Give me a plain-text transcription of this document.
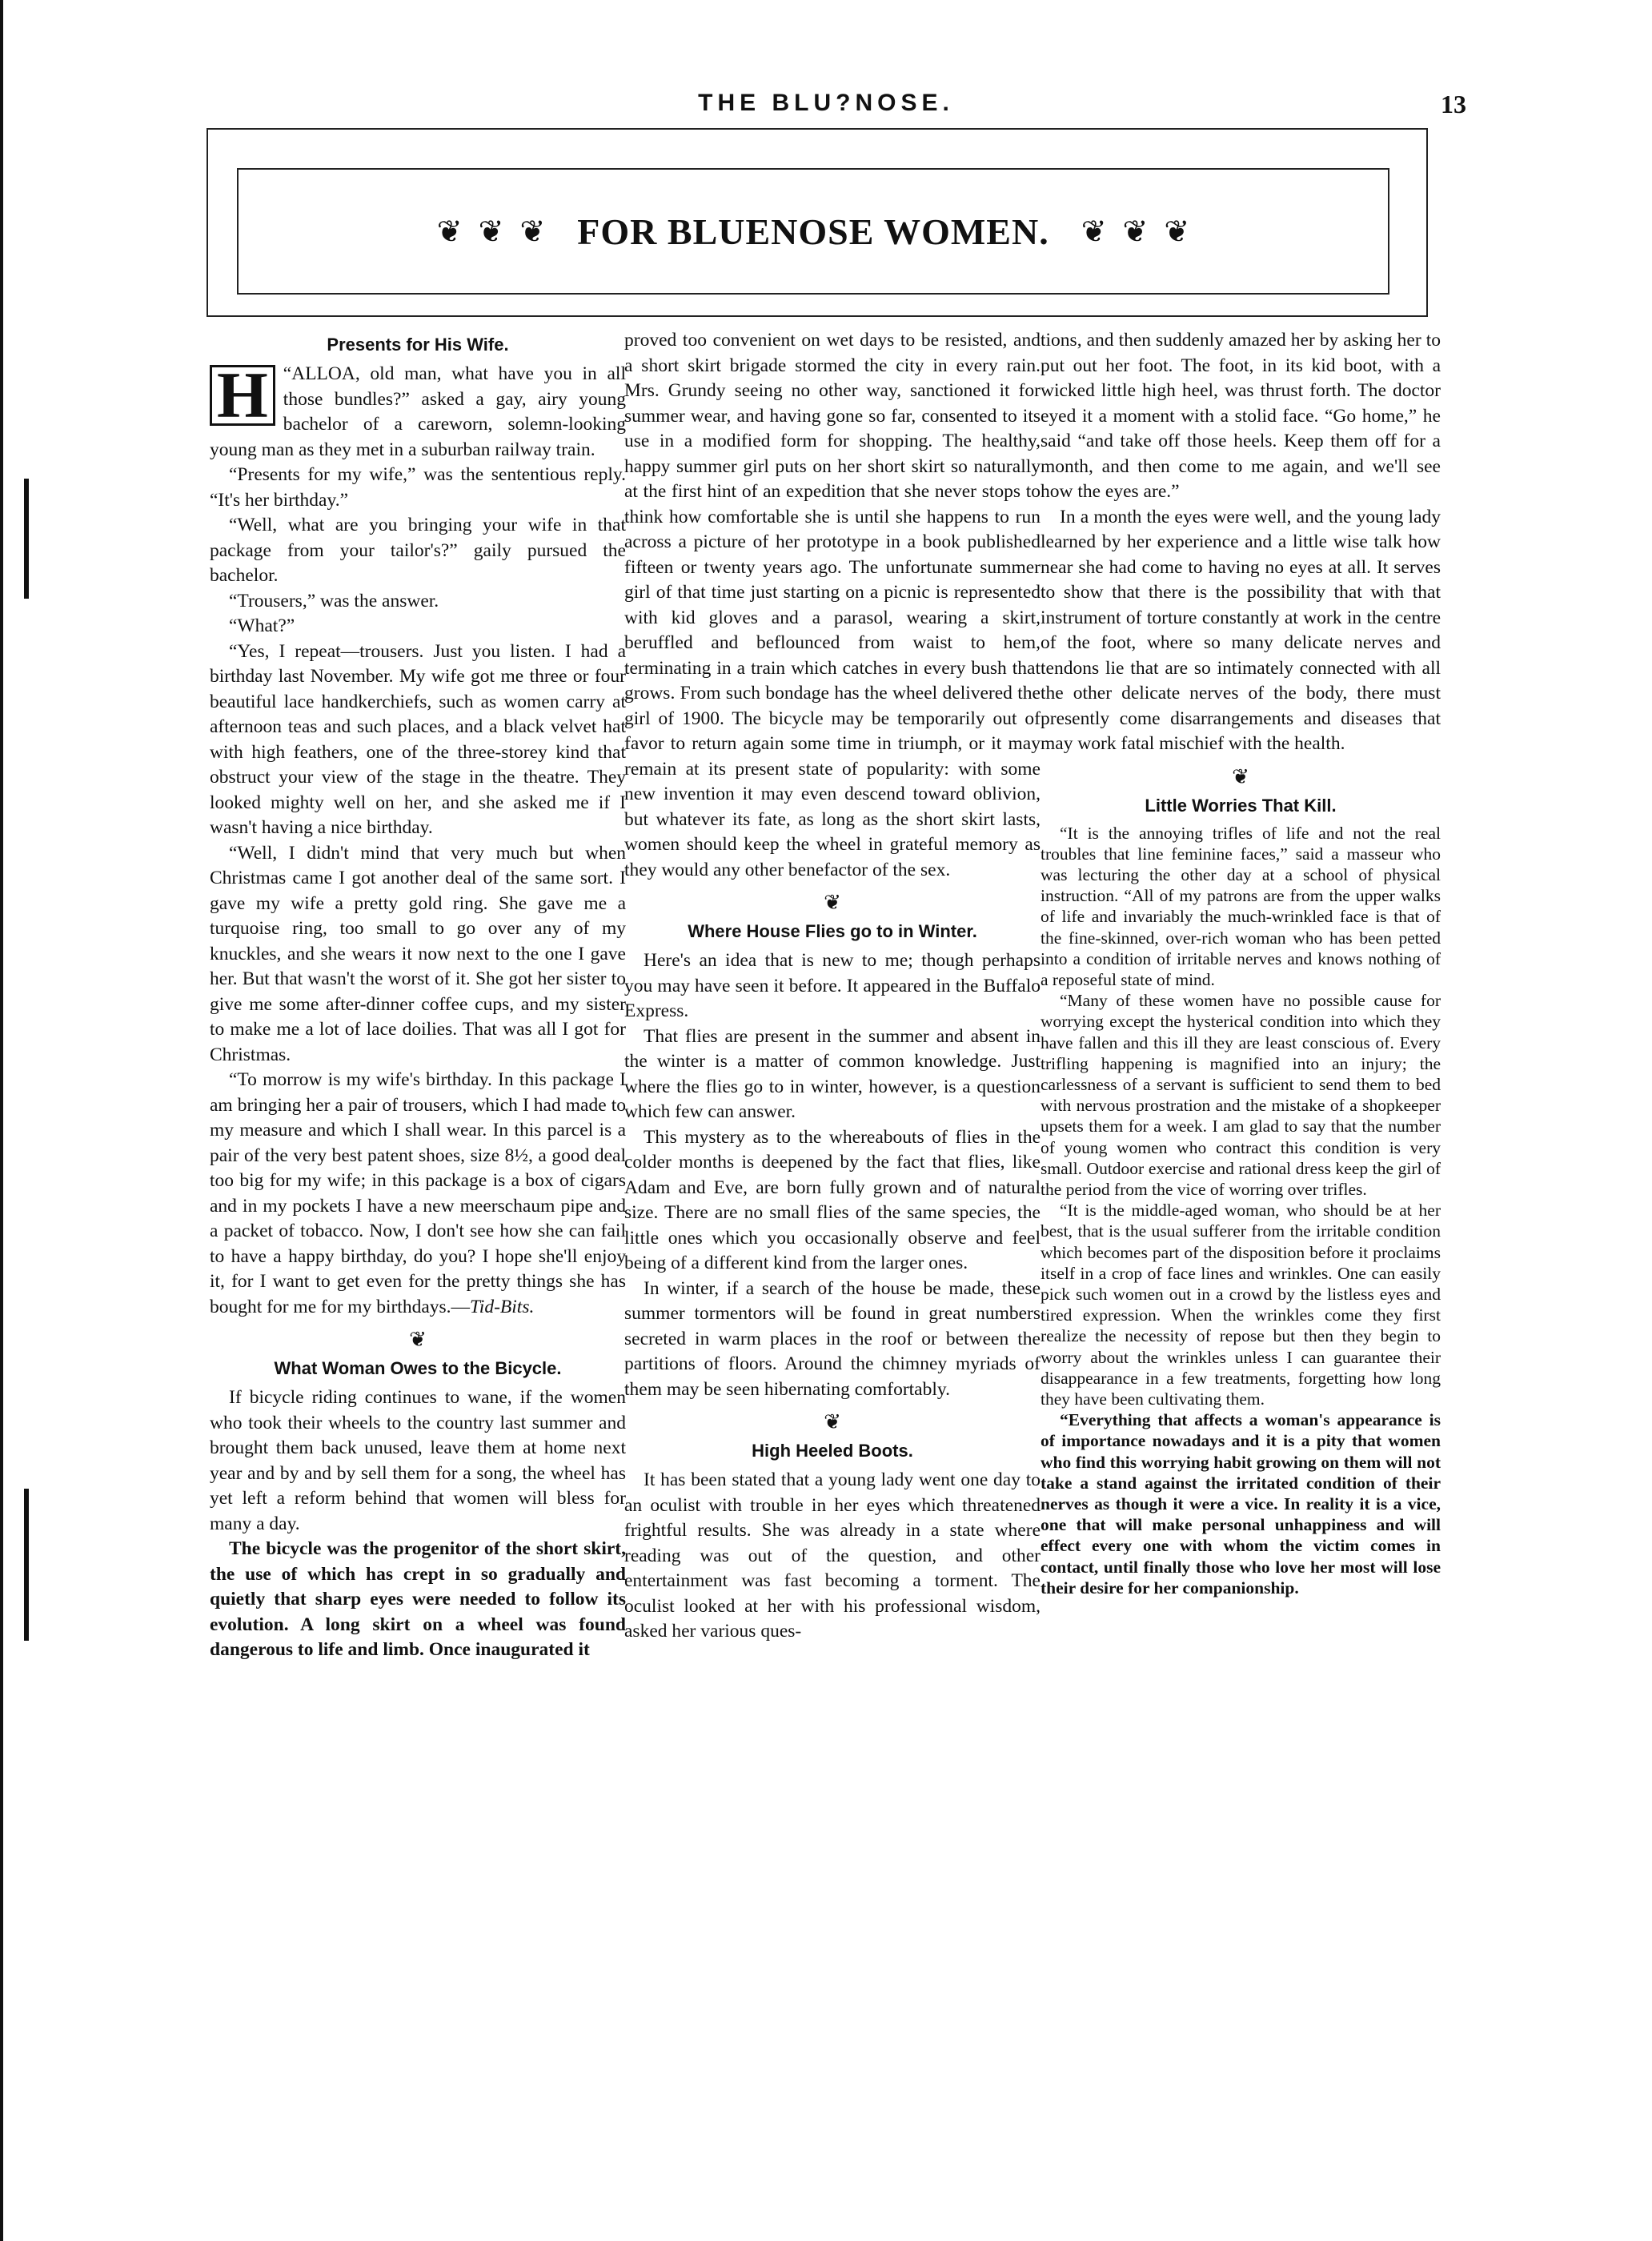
THE BLU?NOSE.	13
❦ ❦ ❦ FOR BLUENOSE WOMEN. ❦ ❦ ❦
Presents for His Wife.

H “ALLOA, old man, what have you in all those bundles?” asked a gay, airy young bachelor of a careworn, solemn-looking young man as they met in a suburban railway train.

“Presents for my wife,” was the sententious reply. “It's her birthday.”

“Well, what are you bringing your wife in that package from your tailor's?” gaily pursued the bachelor.

“Trousers,” was the answer.

“What?”

“Yes, I repeat—trousers. Just you listen. I had a birthday last November. My wife got me three or four beautiful lace handkerchiefs, such as women carry at afternoon teas and such places, and a black velvet hat with high feathers, one of the three-storey kind that obstruct your view of the stage in the theatre. They looked mighty well on her, and she asked me if I wasn't having a nice birthday.

“Well, I didn't mind that very much but when Christmas came I got another deal of the same sort. I gave my wife a pretty gold ring. She gave me a turquoise ring, too small to go over any of my knuckles, and she wears it now next to the one I gave her. But that wasn't the worst of it. She got her sister to give me some after-dinner coffee cups, and my sister to make me a lot of lace doilies. That was all I got for Christmas.

“To morrow is my wife's birthday. In this package I am bringing her a pair of trousers, which I had made to my measure and which I shall wear. In this parcel is a pair of the very best patent shoes, size 8½, a good deal too big for my wife; in this package is a box of cigars and in my pockets I have a new meerschaum pipe and a packet of tobacco. Now, I don't see how she can fail to have a happy birthday, do you? I hope she'll enjoy it, for I want to get even for the pretty things she has bought for me for my birthdays.—Tid-Bits.

❦
What Woman Owes to the Bicycle.

If bicycle riding continues to wane, if the women who took their wheels to the country last summer and brought them back unused, leave them at home next year and by and by sell them for a song, the wheel has yet left a reform behind that women will bless for many a day.

The bicycle was the progenitor of the short skirt, the use of which has crept in so gradually and quietly that sharp eyes were needed to follow its evolution. A long skirt on a wheel was found dangerous to life and limb. Once inaugurated it

proved too convenient on wet days to be resisted, and a short skirt brigade stormed the city in every rain. Mrs. Grundy seeing no other way, sanctioned it for summer wear, and having gone so far, consented to its use in a modified form for shopping. The healthy, happy summer girl puts on her short skirt so naturally at the first hint of an expedition that she never stops to think how comfortable she is until she happens to run across a picture of her prototype in a book published fifteen or twenty years ago. The unfortunate summer girl of that time just starting on a picnic is represented with kid gloves and a parasol, wearing a skirt, beruffled and beflounced from waist to hem, terminating in a train which catches in every bush that grows. From such bondage has the wheel delivered the girl of 1900. The bicycle may be temporarily out of favor to return again some time in triumph, or it may remain at its present state of popularity: with some new invention it may even descend toward oblivion, but whatever its fate, as long as the short skirt lasts, women should keep the wheel in grateful memory as they would any other benefactor of the sex.

❦
Where House Flies go to in Winter.

Here's an idea that is new to me; though perhaps you may have seen it before. It appeared in the Buffalo Express.

That flies are present in the summer and absent in the winter is a matter of common knowledge. Just where the flies go to in winter, however, is a question which few can answer.

This mystery as to the whereabouts of flies in the colder months is deepened by the fact that flies, like Adam and Eve, are born fully grown and of natural size. There are no small flies of the same species, the little ones which you occasionally observe and feel being of a different kind from the larger ones.

In winter, if a search of the house be made, these summer tormentors will be found in great numbers secreted in warm places in the roof or between the partitions of floors. Around the chimney myriads of them may be seen hibernating comfortably.

❦
High Heeled Boots.

It has been stated that a young lady went one day to an oculist with trouble in her eyes which threatened frightful results. She was already in a state where reading was out of the question, and other entertainment was fast becoming a torment. The oculist looked at her with his professional wisdom, asked her various ques-

tions, and then suddenly amazed her by asking her to put out her foot. The foot, in its kid boot, with a wicked little high heel, was thrust forth. The doctor eyed it a moment with a stolid face. “Go home,” he said “and take off those heels. Keep them off for a month, and then come to me again, and we'll see how the eyes are.”

In a month the eyes were well, and the young lady learned by her experience and a little wise talk how near she had come to having no eyes at all. It serves to show that there is the possibility that with that instrument of torture constantly at work in the centre of the foot, where so many delicate nerves and tendons lie that are so intimately connected with all the other delicate nerves of the body, there must presently come disarrangements and diseases that may work fatal mischief with the health.

❦
Little Worries That Kill.

“It is the annoying trifles of life and not the real troubles that line feminine faces,” said a masseur who was lecturing the other day at a school of physical instruction. “All of my patrons are from the upper walks of life and invariably the much-wrinkled face is that of the fine-skinned, over-rich woman who has been petted into a condition of irritable nerves and knows nothing of a reposeful state of mind.

“Many of these women have no possible cause for worrying except the hysterical condition into which they have fallen and this ill they are least conscious of. Every trifling happening is magnified into an injury; the carlessness of a servant is sufficient to send them to bed with nervous prostration and the mistake of a shopkeeper upsets them for a week. I am glad to say that the number of young women who contract this condition is very small. Outdoor exercise and rational dress keep the girl of the period from the vice of worring over trifles.

“It is the middle-aged woman, who should be at her best, that is the usual sufferer from the irritable condition which becomes part of the disposition before it proclaims itself in a crop of face lines and wrinkles. One can easily pick such women out in a crowd by the listless eyes and tired expression. When the wrinkles come they first realize the necessity of repose but then they begin to worry about the wrinkles unless I can guarantee their disappearance in a few treatments, forgetting how long they have been cultivating them.

“Everything that affects a woman's appearance is of importance nowadays and it is a pity that women who find this worrying habit growing on them will not take a stand against the irritated condition of their nerves as though it were a vice. In reality it is a vice, one that will make personal unhappiness and will effect every one with whom the victim comes in contact, until finally those who love her most will lose their desire for her companionship.
